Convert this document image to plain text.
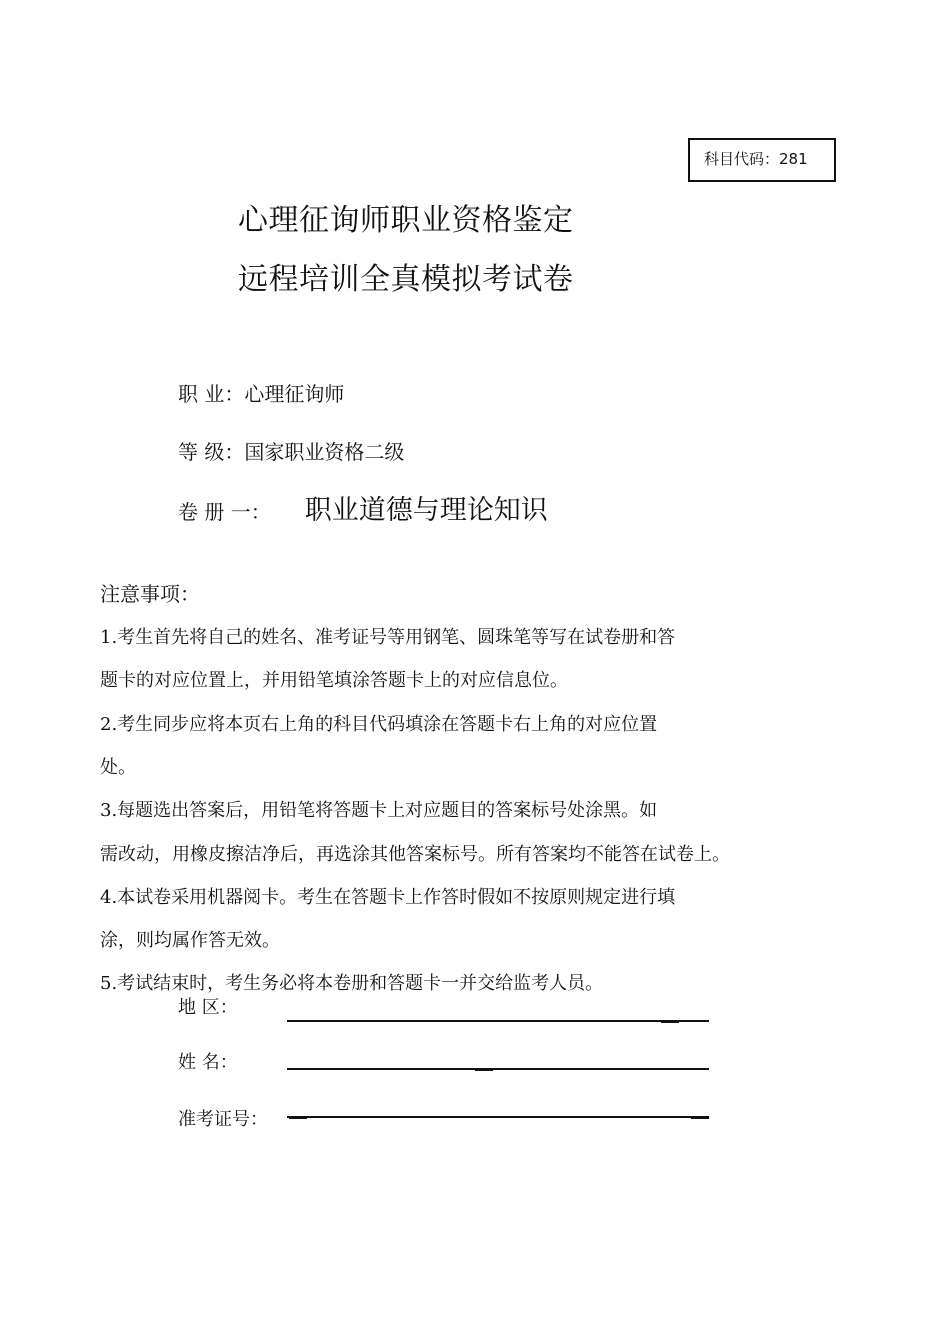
科目代码：281
心理征询师职业资格鉴定
远程培训全真模拟考试卷
职 业：心理征询师
等 级：国家职业资格二级
卷 册 一： 职业道德与理论知识
注意事项：
1.考生首先将自己的姓名、准考证号等用钢笔、圆珠笔等写在试卷册和答
题卡的对应位置上，并用铅笔填涂答题卡上的对应信息位。
2.考生同步应将本页右上角的科目代码填涂在答题卡右上角的对应位置
处。
3.每题选出答案后，用铅笔将答题卡上对应题目的答案标号处涂黑。如
需改动，用橡皮擦洁净后，再选涂其他答案标号。所有答案均不能答在试卷上。
4.本试卷采用机器阅卡。考生在答题卡上作答时假如不按原则规定进行填
涂，则均属作答无效。
5.考试结束时，考生务必将本卷册和答题卡一并交给监考人员。
地 区：
姓 名：
准考证号：
